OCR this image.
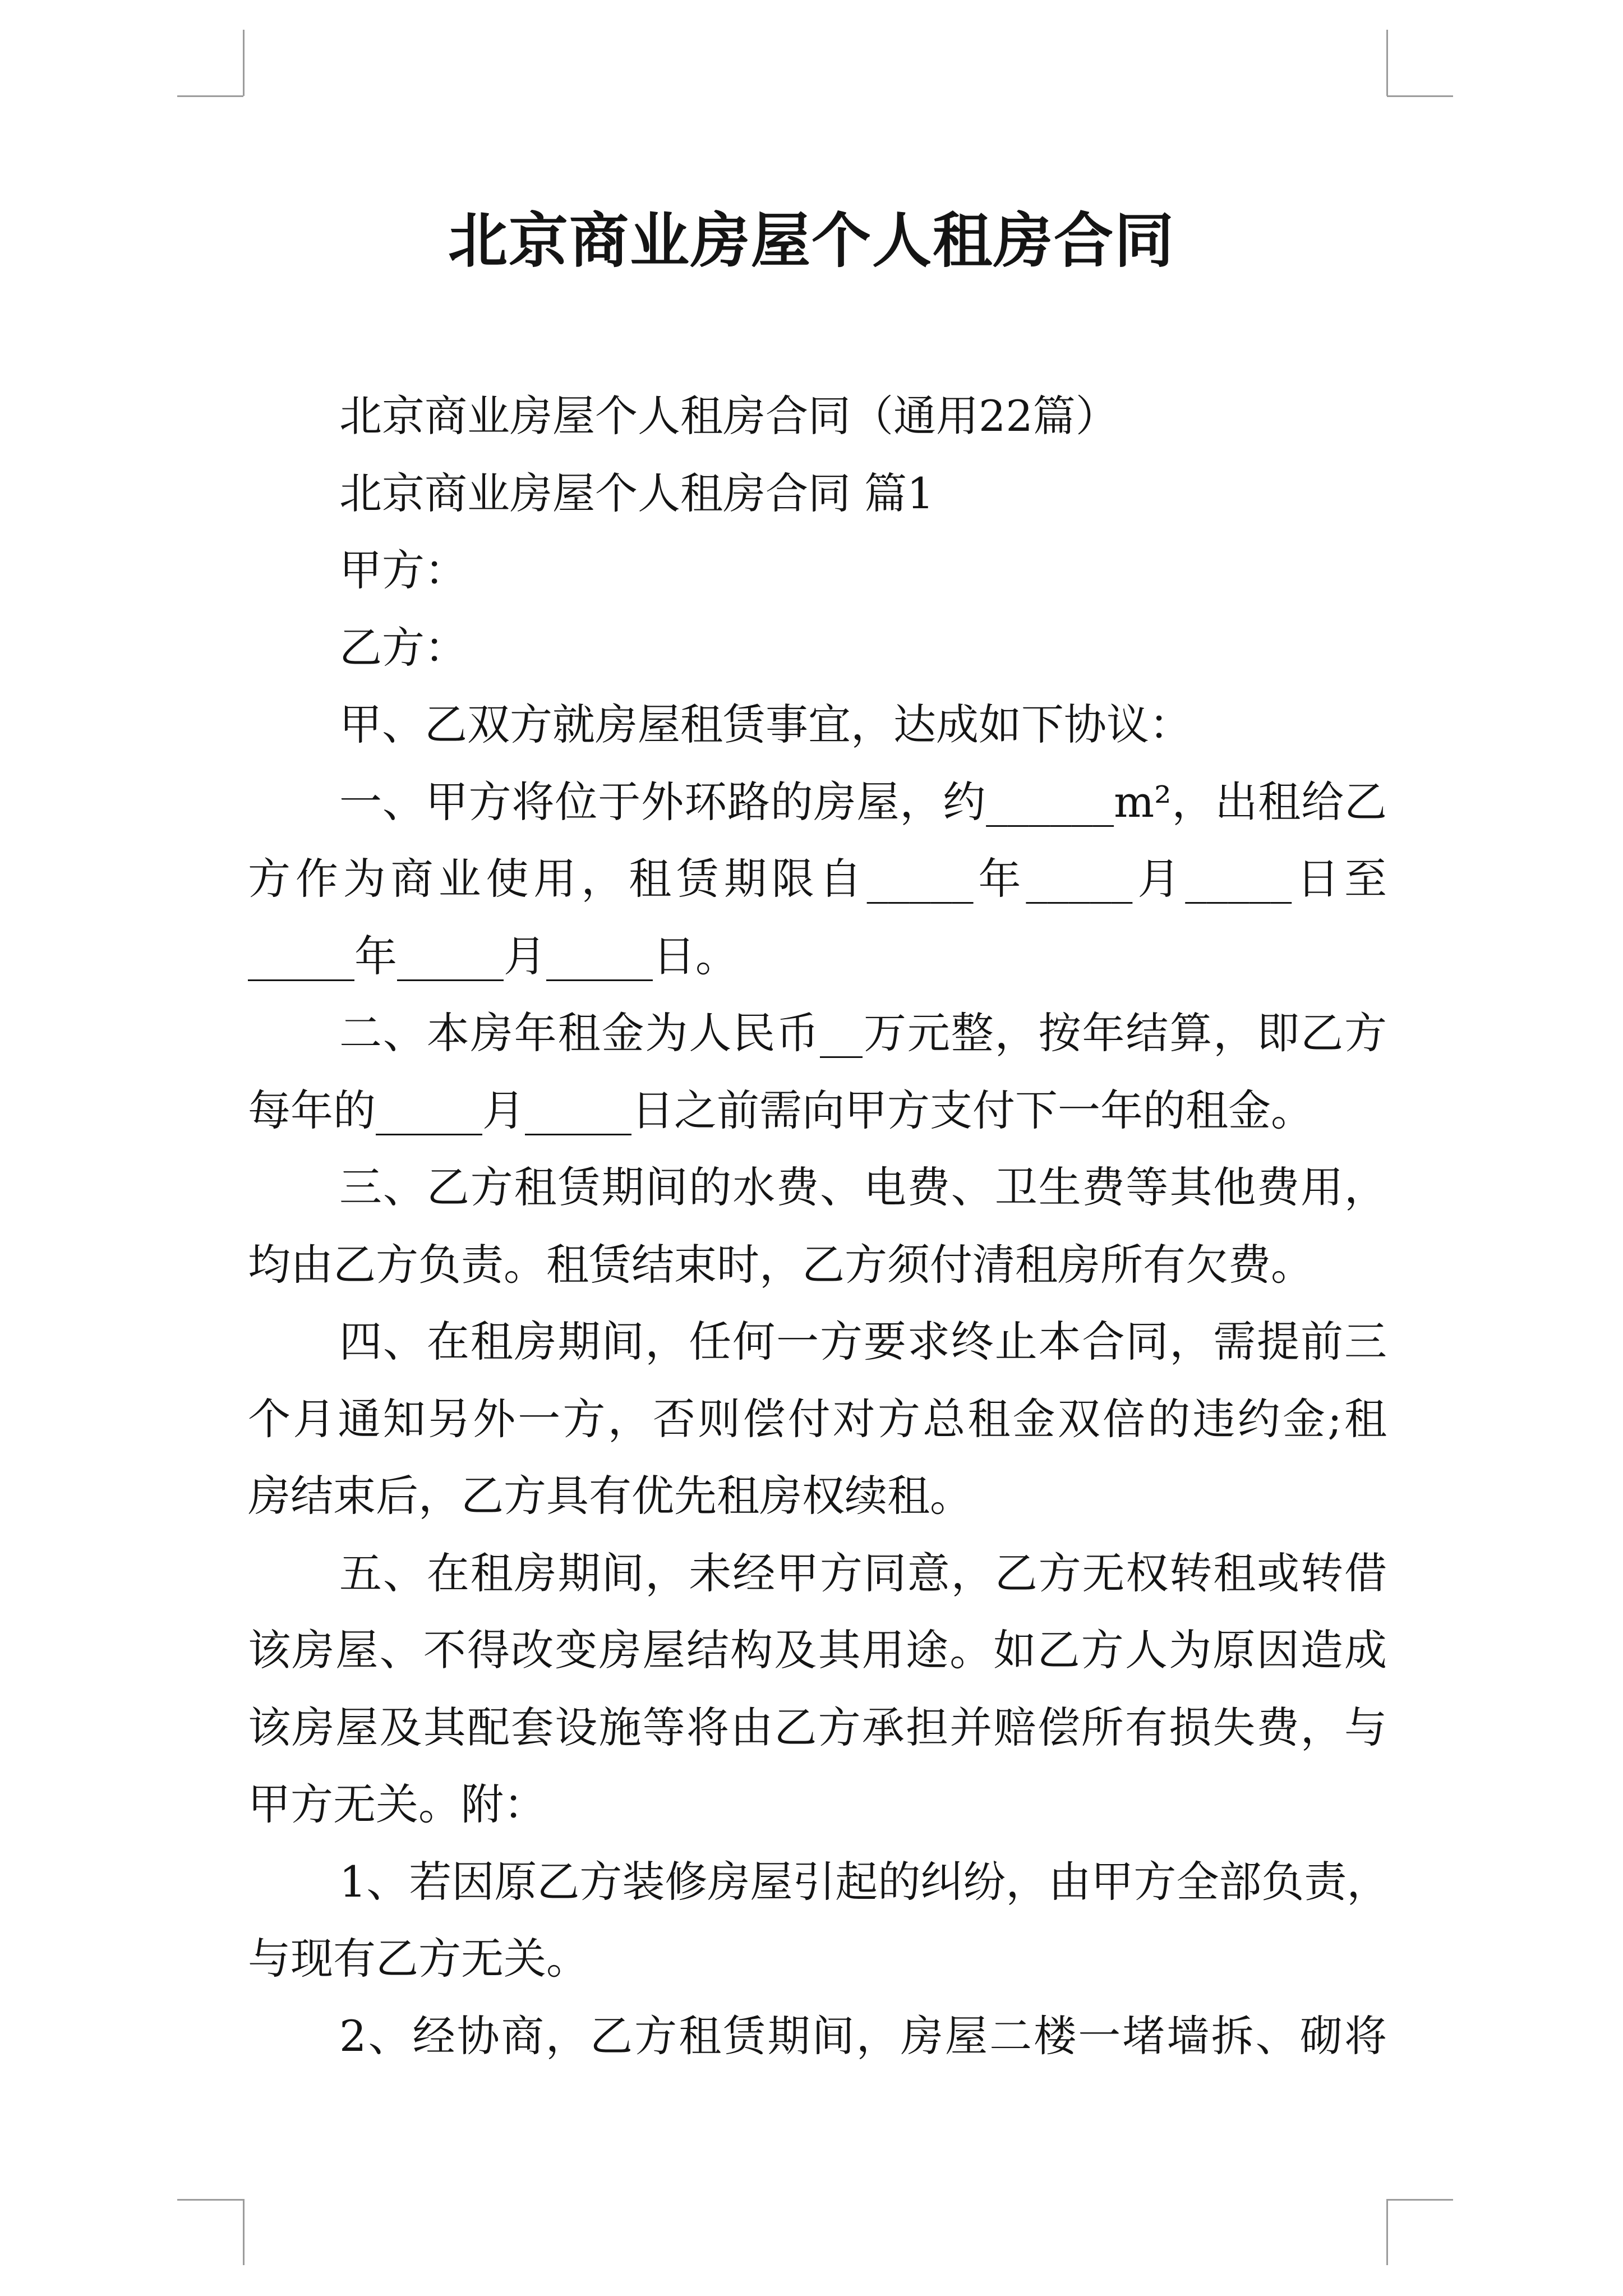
北京商业房屋个人租房合同
北京商业房屋个人租房合同（通用22篇）
北京商业房屋个人租房合同 篇1
甲方：
乙方：
甲、乙双方就房屋租赁事宜，达成如下协议：
一、甲方将位于外环路的房屋，约______m²，出租给乙
方作为商业使用，租赁期限自_____年_____月_____日至
_____年_____月_____日。
二、本房年租金为人民币__万元整，按年结算，即乙方
每年的_____月_____日之前需向甲方支付下一年的租金。
三、乙方租赁期间的水费、电费、卫生费等其他费用，
均由乙方负责。租赁结束时，乙方须付清租房所有欠费。
四、在租房期间，任何一方要求终止本合同，需提前三
个月通知另外一方，否则偿付对方总租金双倍的违约金;租
房结束后，乙方具有优先租房权续租。
五、在租房期间，未经甲方同意，乙方无权转租或转借
该房屋、不得改变房屋结构及其用途。如乙方人为原因造成
该房屋及其配套设施等将由乙方承担并赔偿所有损失费，与
甲方无关。附：
1、若因原乙方装修房屋引起的纠纷，由甲方全部负责，
与现有乙方无关。
2、经协商，乙方租赁期间，房屋二楼一堵墙拆、砌将
